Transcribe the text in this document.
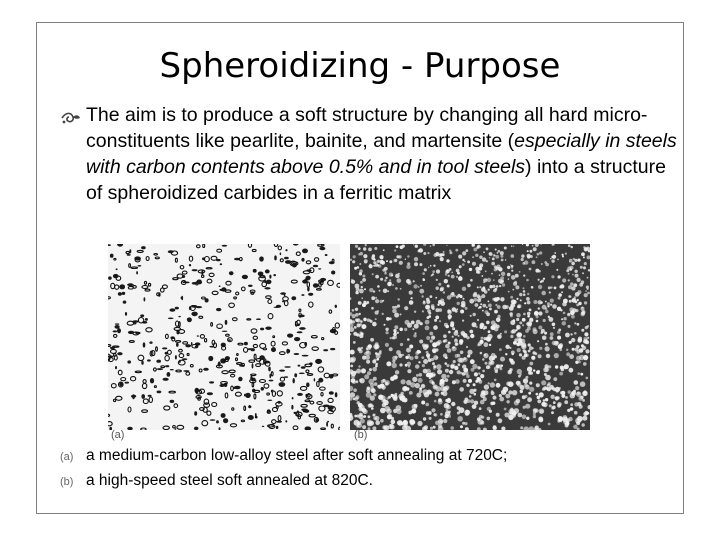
Spheroidizing - Purpose
The aim is to produce a soft structure by changing all hard micro-constituents like pearlite, bainite, and martensite (especially in steels with carbon contents above 0.5% and in tool steels) into a structure of spheroidized carbides in a ferritic matrix
(a)	(b)
(a) a medium-carbon low-alloy steel after soft annealing at 720C;
(b) a high-speed steel soft annealed at 820C.
